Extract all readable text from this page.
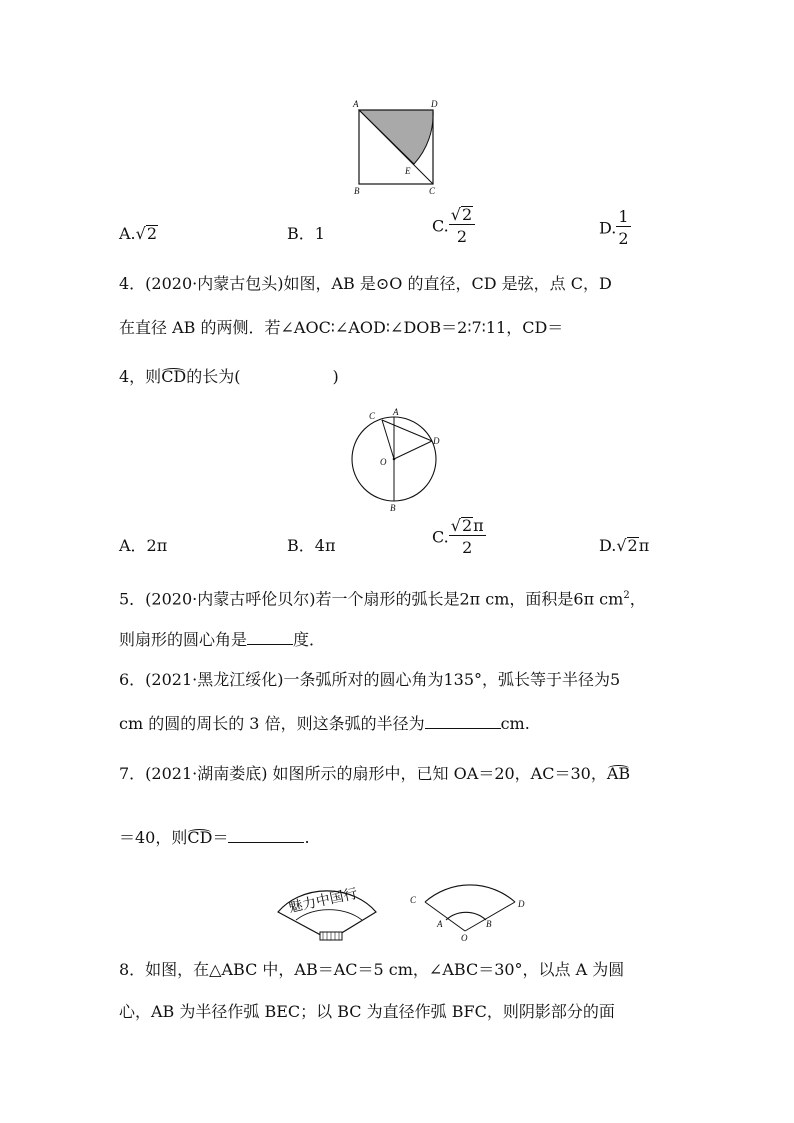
A	D
B	C
E
A.√2	B．1	C. $\frac{√2}{2}$	D. $\frac{1}{2}$
4．(2020·内蒙古包头)如图，AB 是⊙O 的直径，CD 是弦，点 C，D
在直径 AB 的两侧．若∠AOC∶∠AOD∶∠DOB＝2∶7∶11，CD＝
4，则CD的长为(	)
C A
D
O
B
A．2π	B．4π	C. $\frac{√2\pi}{2}$	D.√2π
5．(2020·内蒙古呼伦贝尔)若一个扇形的弧长是2π cm，面积是6π $cm^2$，
则扇形的圆心角是	度．
6．(2021·黑龙江绥化)一条弧所对的圆心角为135°，弧长等于半径为5
cm 的圆的周长的 3 倍，则这条弧的半径为	cm.
7．(2021·湖南娄底) 如图所示的扇形中，已知 OA＝20，AC＝30，AB
＝40，则CD＝	.
魅力中国行	C	D
A	B
O
8．如图，在△ABC 中，AB＝AC＝5 cm，∠ABC＝30°，以点 A 为圆
心，AB 为半径作弧 BEC；以 BC 为直径作弧 BFC，则阴影部分的面
